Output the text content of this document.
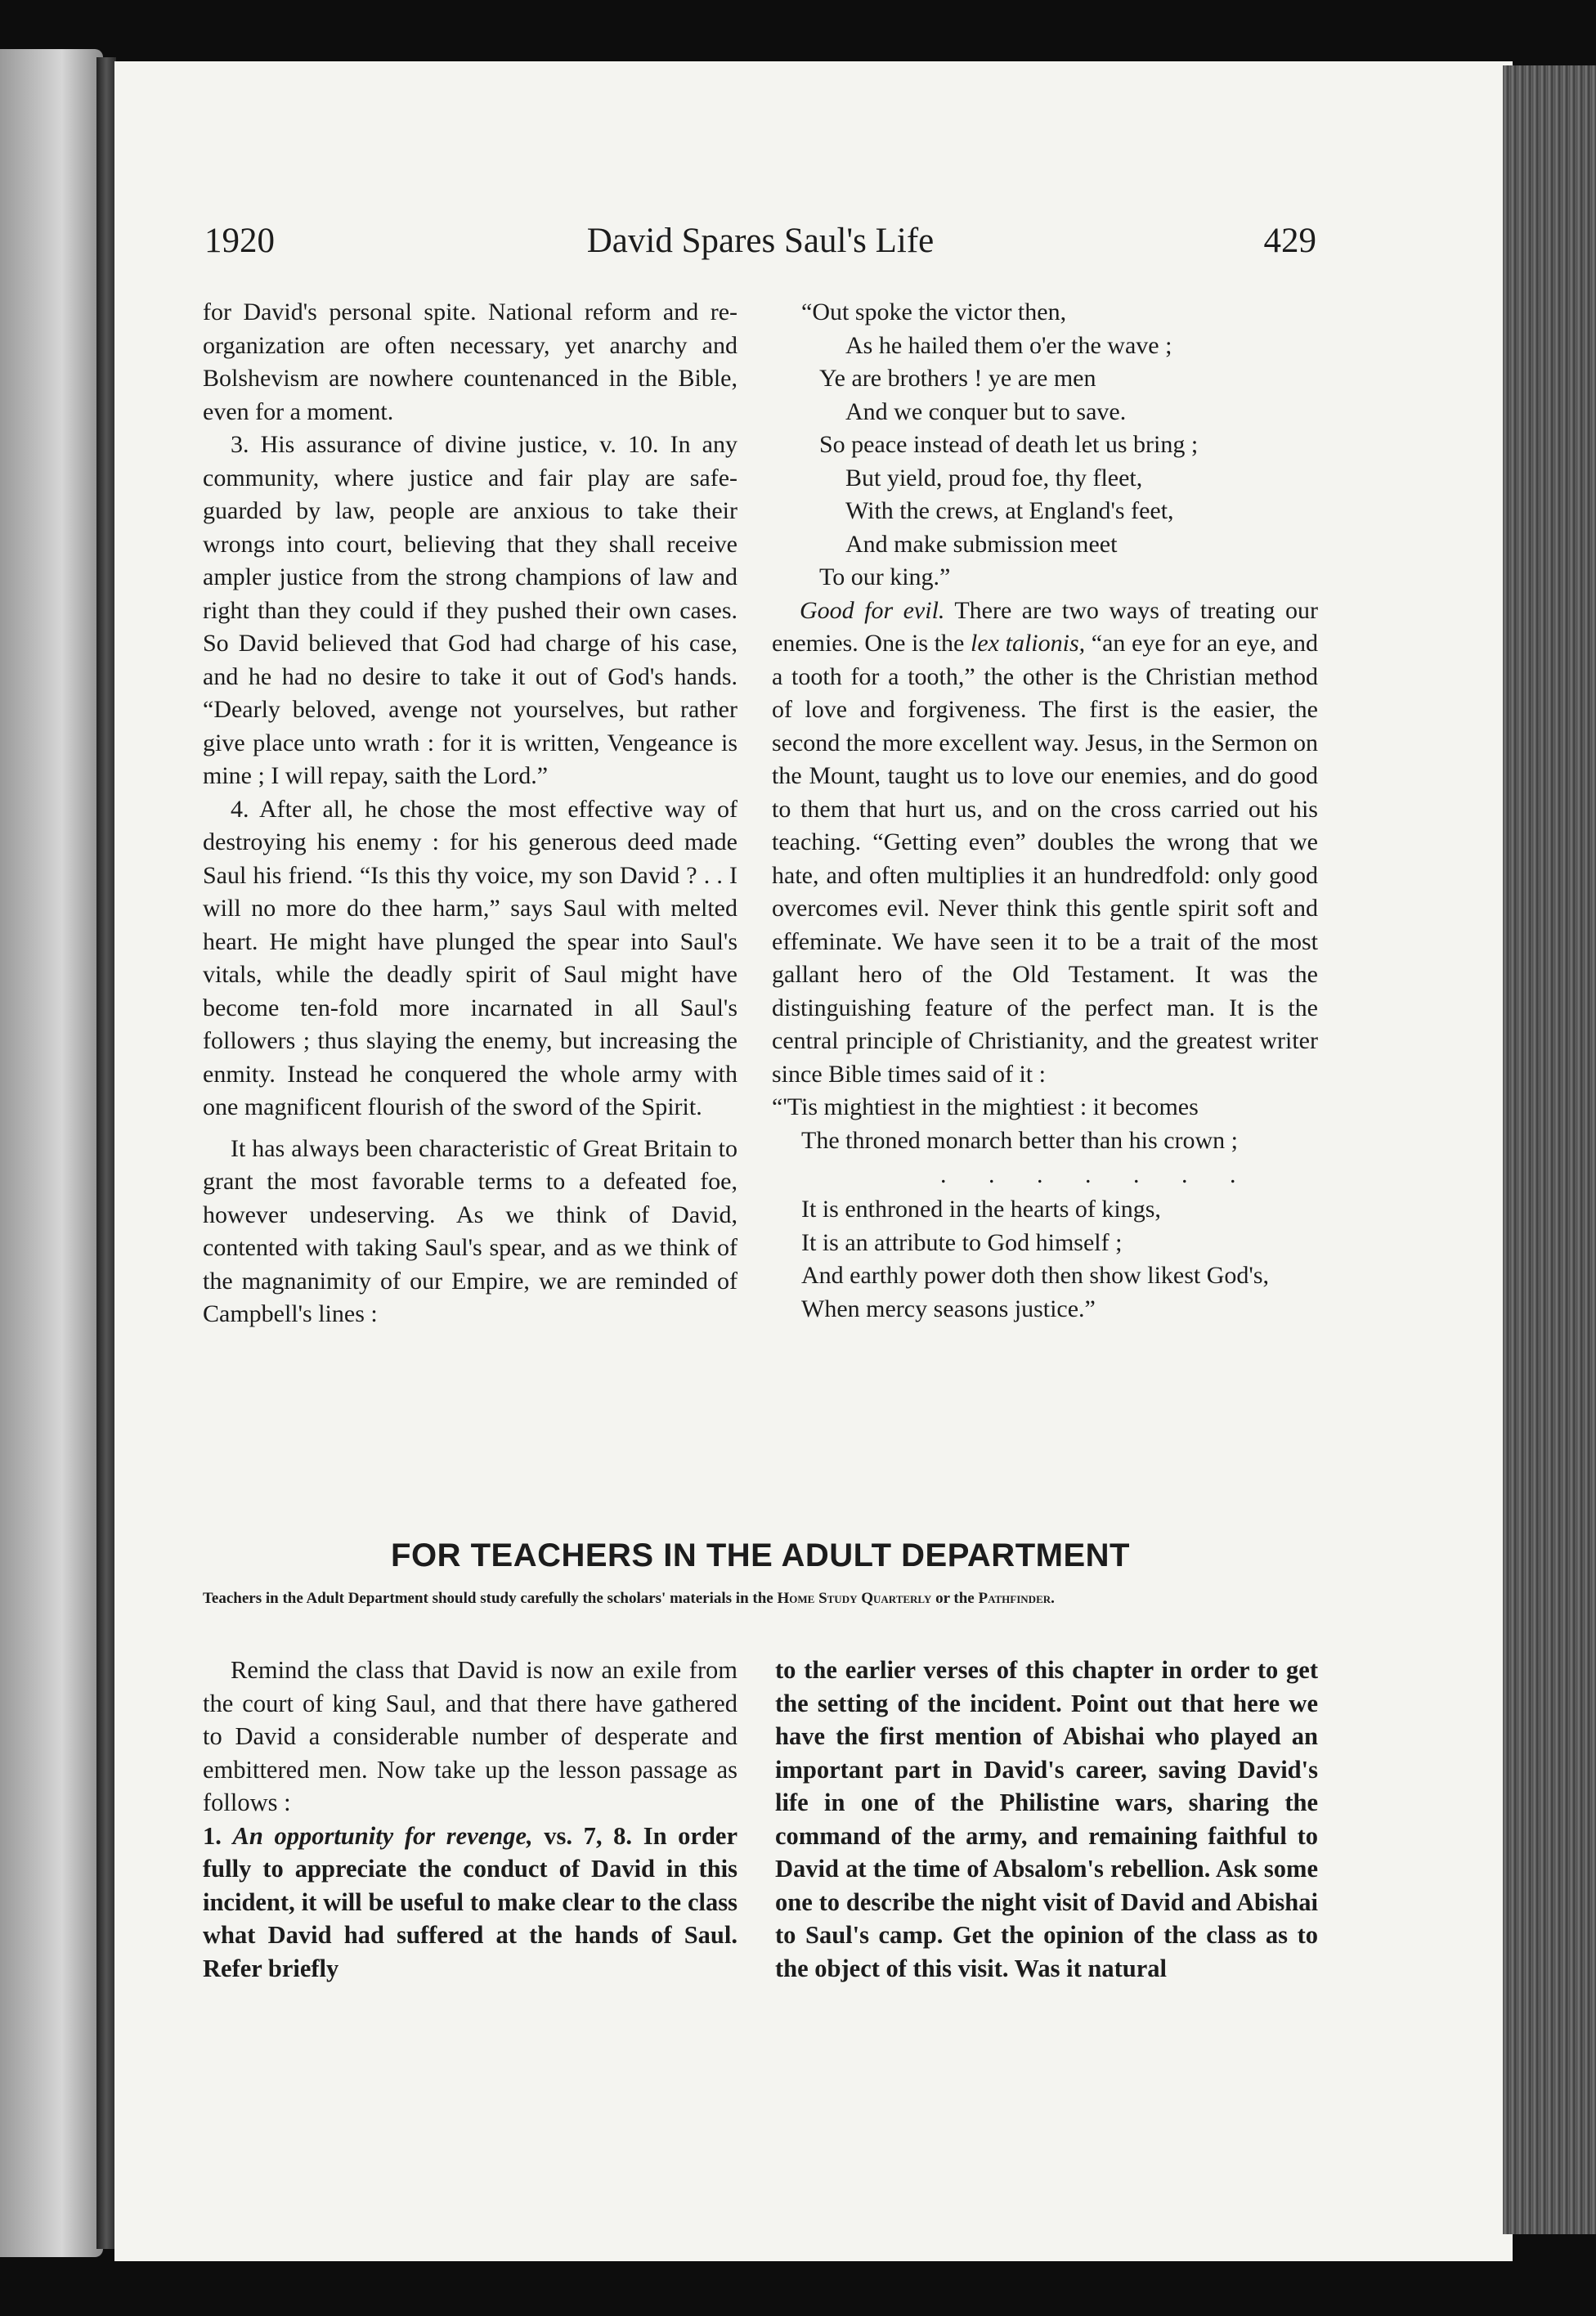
1920	David Spares Saul's Life	429

for David's personal spite. National reform and re-organization are often necessary, yet anarchy and Bolshevism are nowhere countenanced in the Bible, even for a moment.

3. His assurance of divine justice, v. 10. In any community, where justice and fair play are safe-guarded by law, people are anxious to take their wrongs into court, believing that they shall receive ampler justice from the strong champions of law and right than they could if they pushed their own cases. So David believed that God had charge of his case, and he had no desire to take it out of God's hands. “Dearly beloved, avenge not yourselves, but rather give place unto wrath : for it is written, Vengeance is mine ; I will repay, saith the Lord.”

4. After all, he chose the most effective way of destroying his enemy : for his generous deed made Saul his friend. “Is this thy voice, my son David ? . . I will no more do thee harm,” says Saul with melted heart. He might have plunged the spear into Saul's vitals, while the deadly spirit of Saul might have become ten-fold more incarnated in all Saul's followers ; thus slaying the enemy, but increasing the enmity. Instead he conquered the whole army with one magnificent flourish of the sword of the Spirit.

It has always been characteristic of Great Britain to grant the most favorable terms to a defeated foe, however undeserving. As we think of David, contented with taking Saul's spear, and as we think of the magnanimity of our Empire, we are reminded of Campbell's lines :

“Out spoke the victor then,

As he hailed them o'er the wave ;

Ye are brothers ! ye are men

And we conquer but to save.

So peace instead of death let us bring ;

But yield, proud foe, thy fleet,

With the crews, at England's feet,

And make submission meet

To our king.”

Good for evil. There are two ways of treating our enemies. One is the lex talionis, “an eye for an eye, and a tooth for a tooth,” the other is the Christian method of love and forgiveness. The first is the easier, the second the more excellent way. Jesus, in the Sermon on the Mount, taught us to love our enemies, and do good to them that hurt us, and on the cross carried out his teaching. “Getting even” doubles the wrong that we hate, and often multiplies it an hundredfold: only good overcomes evil. Never think this gentle spirit soft and effeminate. We have seen it to be a trait of the most gallant hero of the Old Testament. It was the distinguishing feature of the perfect man. It is the central principle of Christianity, and the greatest writer since Bible times said of it :

“'Tis mightiest in the mightiest : it becomes

The throned monarch better than his crown ;

. . . . . . .

It is enthroned in the hearts of kings,

It is an attribute to God himself ;

And earthly power doth then show likest God's,

When mercy seasons justice.”

FOR TEACHERS IN THE ADULT DEPARTMENT
Teachers in the Adult Department should study carefully the scholars' materials in the Home Study Quarterly or the Pathfinder.

Remind the class that David is now an exile from the court of king Saul, and that there have gathered to David a considerable number of desperate and embittered men. Now take up the lesson passage as follows :

1. An opportunity for revenge, vs. 7, 8. In order fully to appreciate the conduct of David in this incident, it will be useful to make clear to the class what David had suffered at the hands of Saul. Refer briefly

to the earlier verses of this chapter in order to get the setting of the incident. Point out that here we have the first mention of Abishai who played an important part in David's career, saving David's life in one of the Philistine wars, sharing the command of the army, and remaining faithful to David at the time of Absalom's rebellion. Ask some one to describe the night visit of David and Abishai to Saul's camp. Get the opinion of the class as to the object of this visit. Was it natural
